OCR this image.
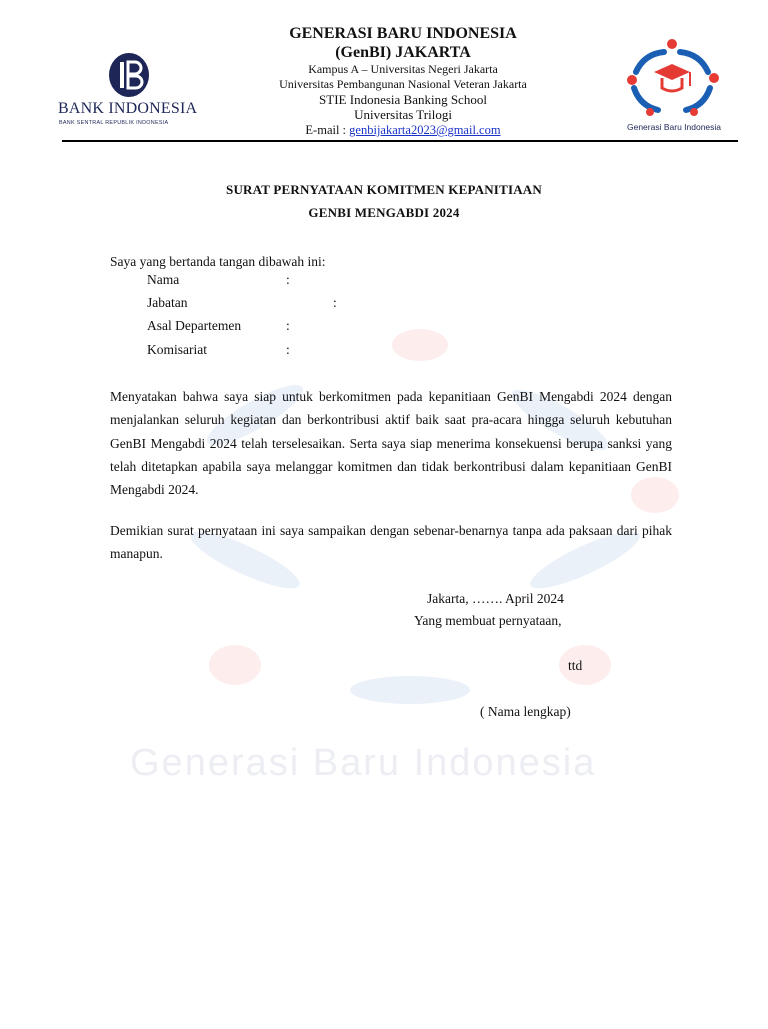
Generasi Baru Indonesia
BANK INDONESIA
BANK SENTRAL REPUBLIK INDONESIA
GENERASI BARU INDONESIA
(GenBI) JAKARTA
Kampus A – Universitas Negeri Jakarta
Universitas Pembangunan Nasional Veteran Jakarta
STIE Indonesia Banking School
Universitas Trilogi
E-mail : genbijakarta2023@gmail.com	Generasi Baru Indonesia
SURAT PERNYATAAN KOMITMEN KEPANITIAAN
GENBI MENGABDI 2024
Saya yang bertanda tangan dibawah ini:
Nama	:
Jabatan	:
Asal Departemen	:
Komisariat	:
Menyatakan bahwa saya siap untuk berkomitmen pada kepanitiaan GenBI Mengabdi 2024 dengan menjalankan seluruh kegiatan dan berkontribusi aktif baik saat pra-acara hingga seluruh kebutuhan GenBI Mengabdi 2024 telah terselesaikan. Serta saya siap menerima konsekuensi berupa sanksi yang telah ditetapkan apabila saya melanggar komitmen dan tidak berkontribusi dalam kepanitiaan GenBI Mengabdi 2024.
Demikian surat pernyataan ini saya sampaikan dengan sebenar-benarnya tanpa ada paksaan dari pihak manapun.
Jakarta, ……. April 2024
Yang membuat pernyataan,
ttd
( Nama lengkap)
